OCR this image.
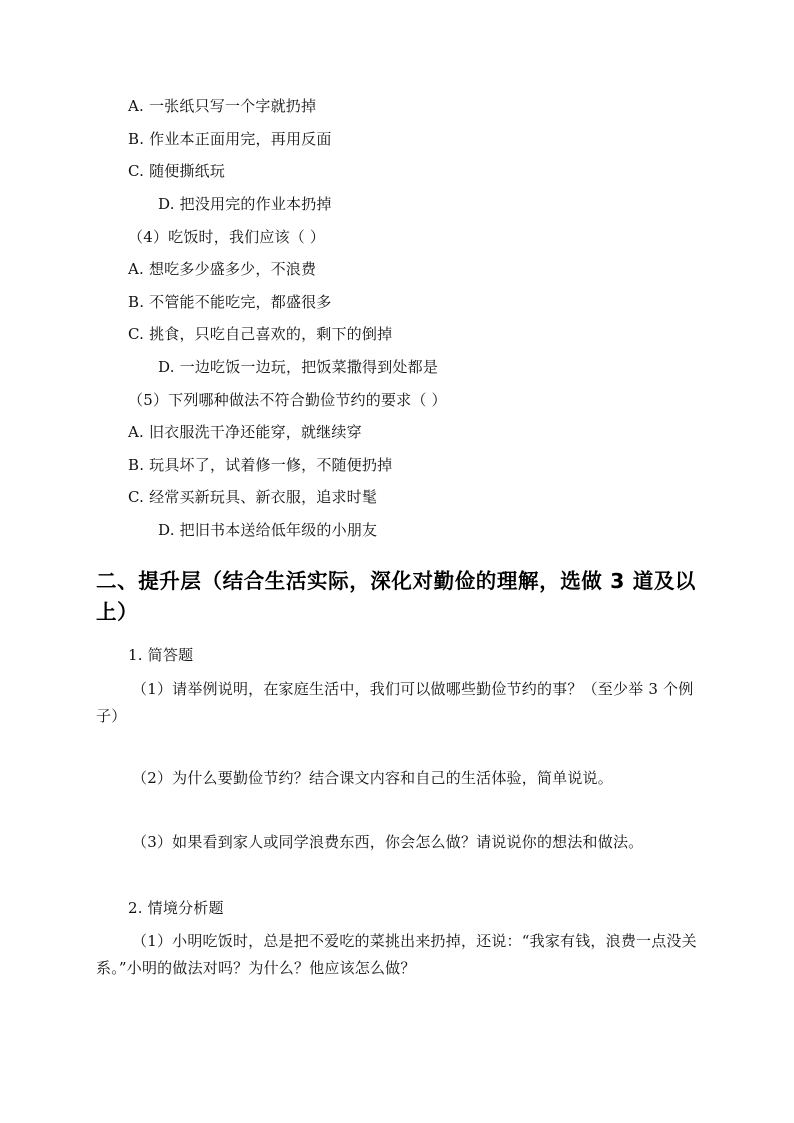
A. 一张纸只写一个字就扔掉
B. 作业本正面用完，再用反面
C. 随便撕纸玩
D. 把没用完的作业本扔掉
（4）吃饭时，我们应该（ ）
A. 想吃多少盛多少，不浪费
B. 不管能不能吃完，都盛很多
C. 挑食，只吃自己喜欢的，剩下的倒掉
D. 一边吃饭一边玩，把饭菜撒得到处都是
（5）下列哪种做法不符合勤俭节约的要求（ ）
A. 旧衣服洗干净还能穿，就继续穿
B. 玩具坏了，试着修一修，不随便扔掉
C. 经常买新玩具、新衣服，追求时髦
D. 把旧书本送给低年级的小朋友
二、提升层（结合生活实际，深化对勤俭的理解，选做 3 道及以上）
1. 简答题
（1）请举例说明，在家庭生活中，我们可以做哪些勤俭节约的事？（至少举 3 个例子）
（2）为什么要勤俭节约？结合课文内容和自己的生活体验，简单说说。
（3）如果看到家人或同学浪费东西，你会怎么做？请说说你的想法和做法。
2. 情境分析题
（1）小明吃饭时，总是把不爱吃的菜挑出来扔掉，还说：“我家有钱，浪费一点没关系。”小明的做法对吗？为什么？他应该怎么做？
